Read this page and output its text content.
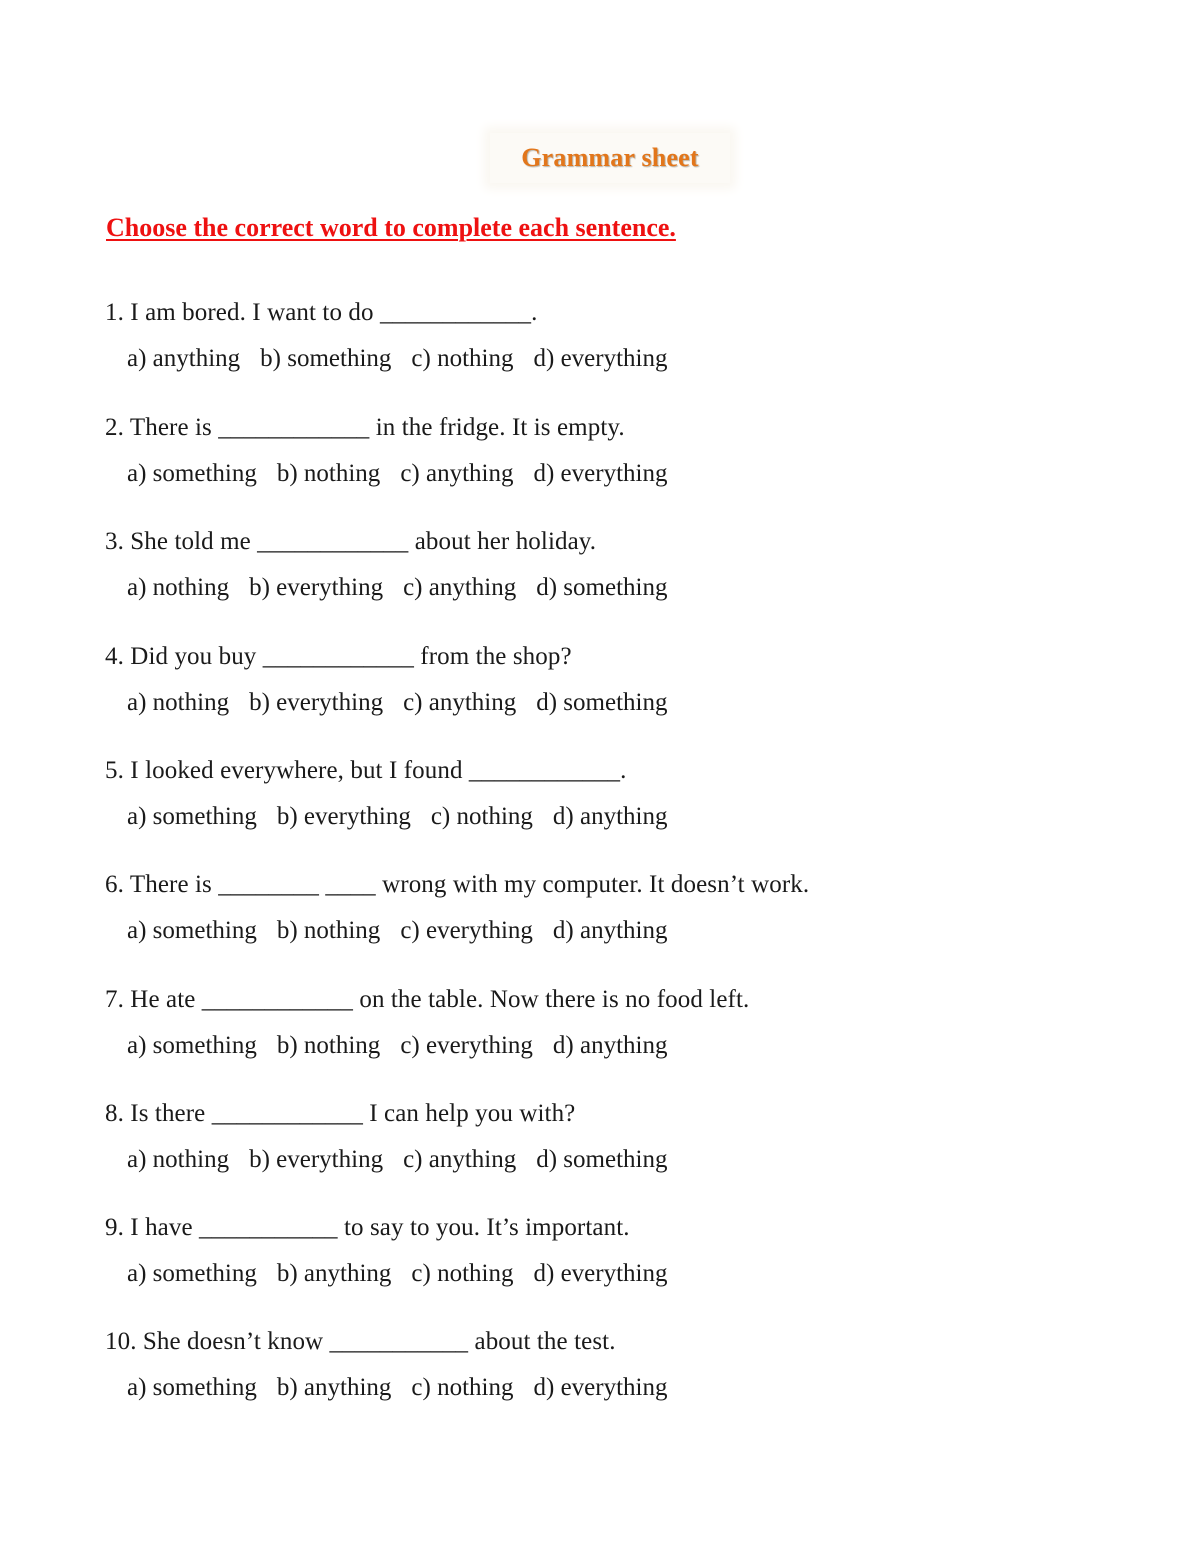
Grammar sheet
Choose the correct word to complete each sentence.
1. I am bored. I want to do ____________.
a) anything b) something c) nothing d) everything
2. There is ____________ in the fridge. It is empty.
a) something b) nothing c) anything d) everything
3. She told me ____________ about her holiday.
a) nothing b) everything c) anything d) something
4. Did you buy ____________ from the shop?
a) nothing b) everything c) anything d) something
5. I looked everywhere, but I found ____________.
a) something b) everything c) nothing d) anything
6. There is ________ ____ wrong with my computer. It doesn’t work.
a) something b) nothing c) everything d) anything
7. He ate ____________ on the table. Now there is no food left.
a) something b) nothing c) everything d) anything
8. Is there ____________ I can help you with?
a) nothing b) everything c) anything d) something
9. I have ___________ to say to you. It’s important.
a) something b) anything c) nothing d) everything
10. She doesn’t know ___________ about the test.
a) something b) anything c) nothing d) everything
